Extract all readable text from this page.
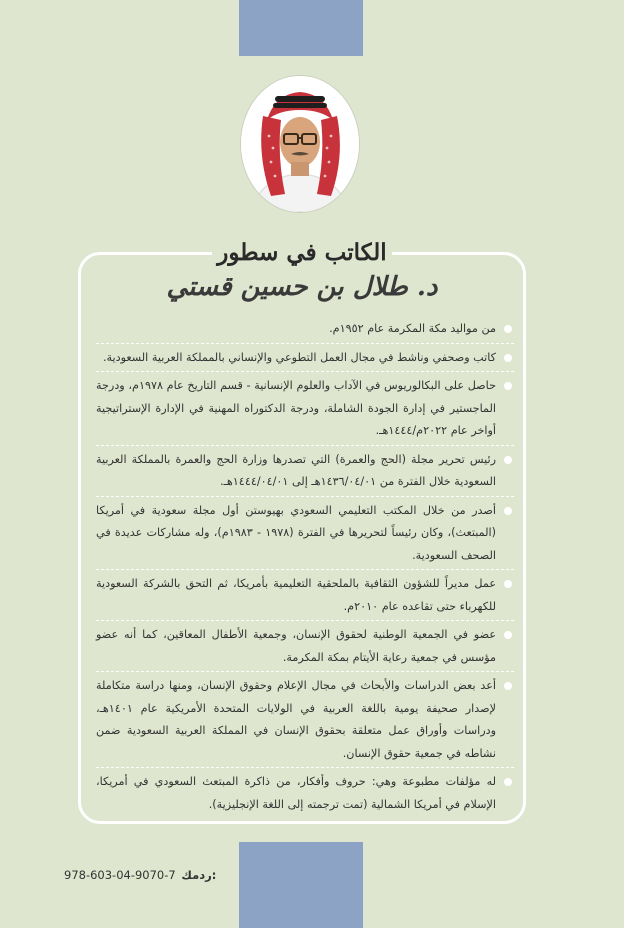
الكاتب في سطور
د. طلال بن حسين قستي
من مواليد مكة المكرمة عام ١٩٥٢م.
كاتب وصحفي وناشط في مجال العمل التطوعي والإنساني بالمملكة العربية السعودية.
حاصل على البكالوريوس في الآداب والعلوم الإنسانية - قسم التاريخ عام ١٩٧٨م، ودرجة الماجستير في إدارة الجودة الشاملة، ودرجة الدكتوراه المهنية في الإدارة الإستراتيجية أواخر عام ٢٠٢٢م/١٤٤٤هـ.
رئيس تحرير مجلة (الحج والعمرة) التي تصدرها وزارة الحج والعمرة بالمملكة العربية السعودية خلال الفترة من ١٤٣٦/٠٤/٠١هـ إلى ١٤٤٤/٠٤/٠١هـ.
أصدر من خلال المكتب التعليمي السعودي بهيوستن أول مجلة سعودية في أمريكا (المبتعث)، وكان رئيساً لتحريرها في الفترة (١٩٧٨ - ١٩٨٣م)، وله مشاركات عديدة في الصحف السعودية.
عمل مديراً للشؤون الثقافية بالملحقية التعليمية بأمريكا، ثم التحق بالشركة السعودية للكهرباء حتى تقاعده عام ٢٠١٠م.
عضو في الجمعية الوطنية لحقوق الإنسان، وجمعية الأطفال المعاقين، كما أنه عضو مؤسس في جمعية رعاية الأيتام بمكة المكرمة.
أعد بعض الدراسات والأبحاث في مجال الإعلام وحقوق الإنسان، ومنها دراسة متكاملة لإصدار صحيفة يومية باللغة العربية في الولايات المتحدة الأمريكية عام ١٤٠١هـ، ودراسات وأوراق عمل متعلقة بحقوق الإنسان في المملكة العربية السعودية ضمن نشاطه في جمعية حقوق الإنسان.
له مؤلفات مطبوعة وهي: حروف وأفكار، من ذاكرة المبتعث السعودي في أمريكا، الإسلام في أمريكا الشمالية (تمت ترجمته إلى اللغة الإنجليزية).
978-603-04-9070-7 ردمك:
